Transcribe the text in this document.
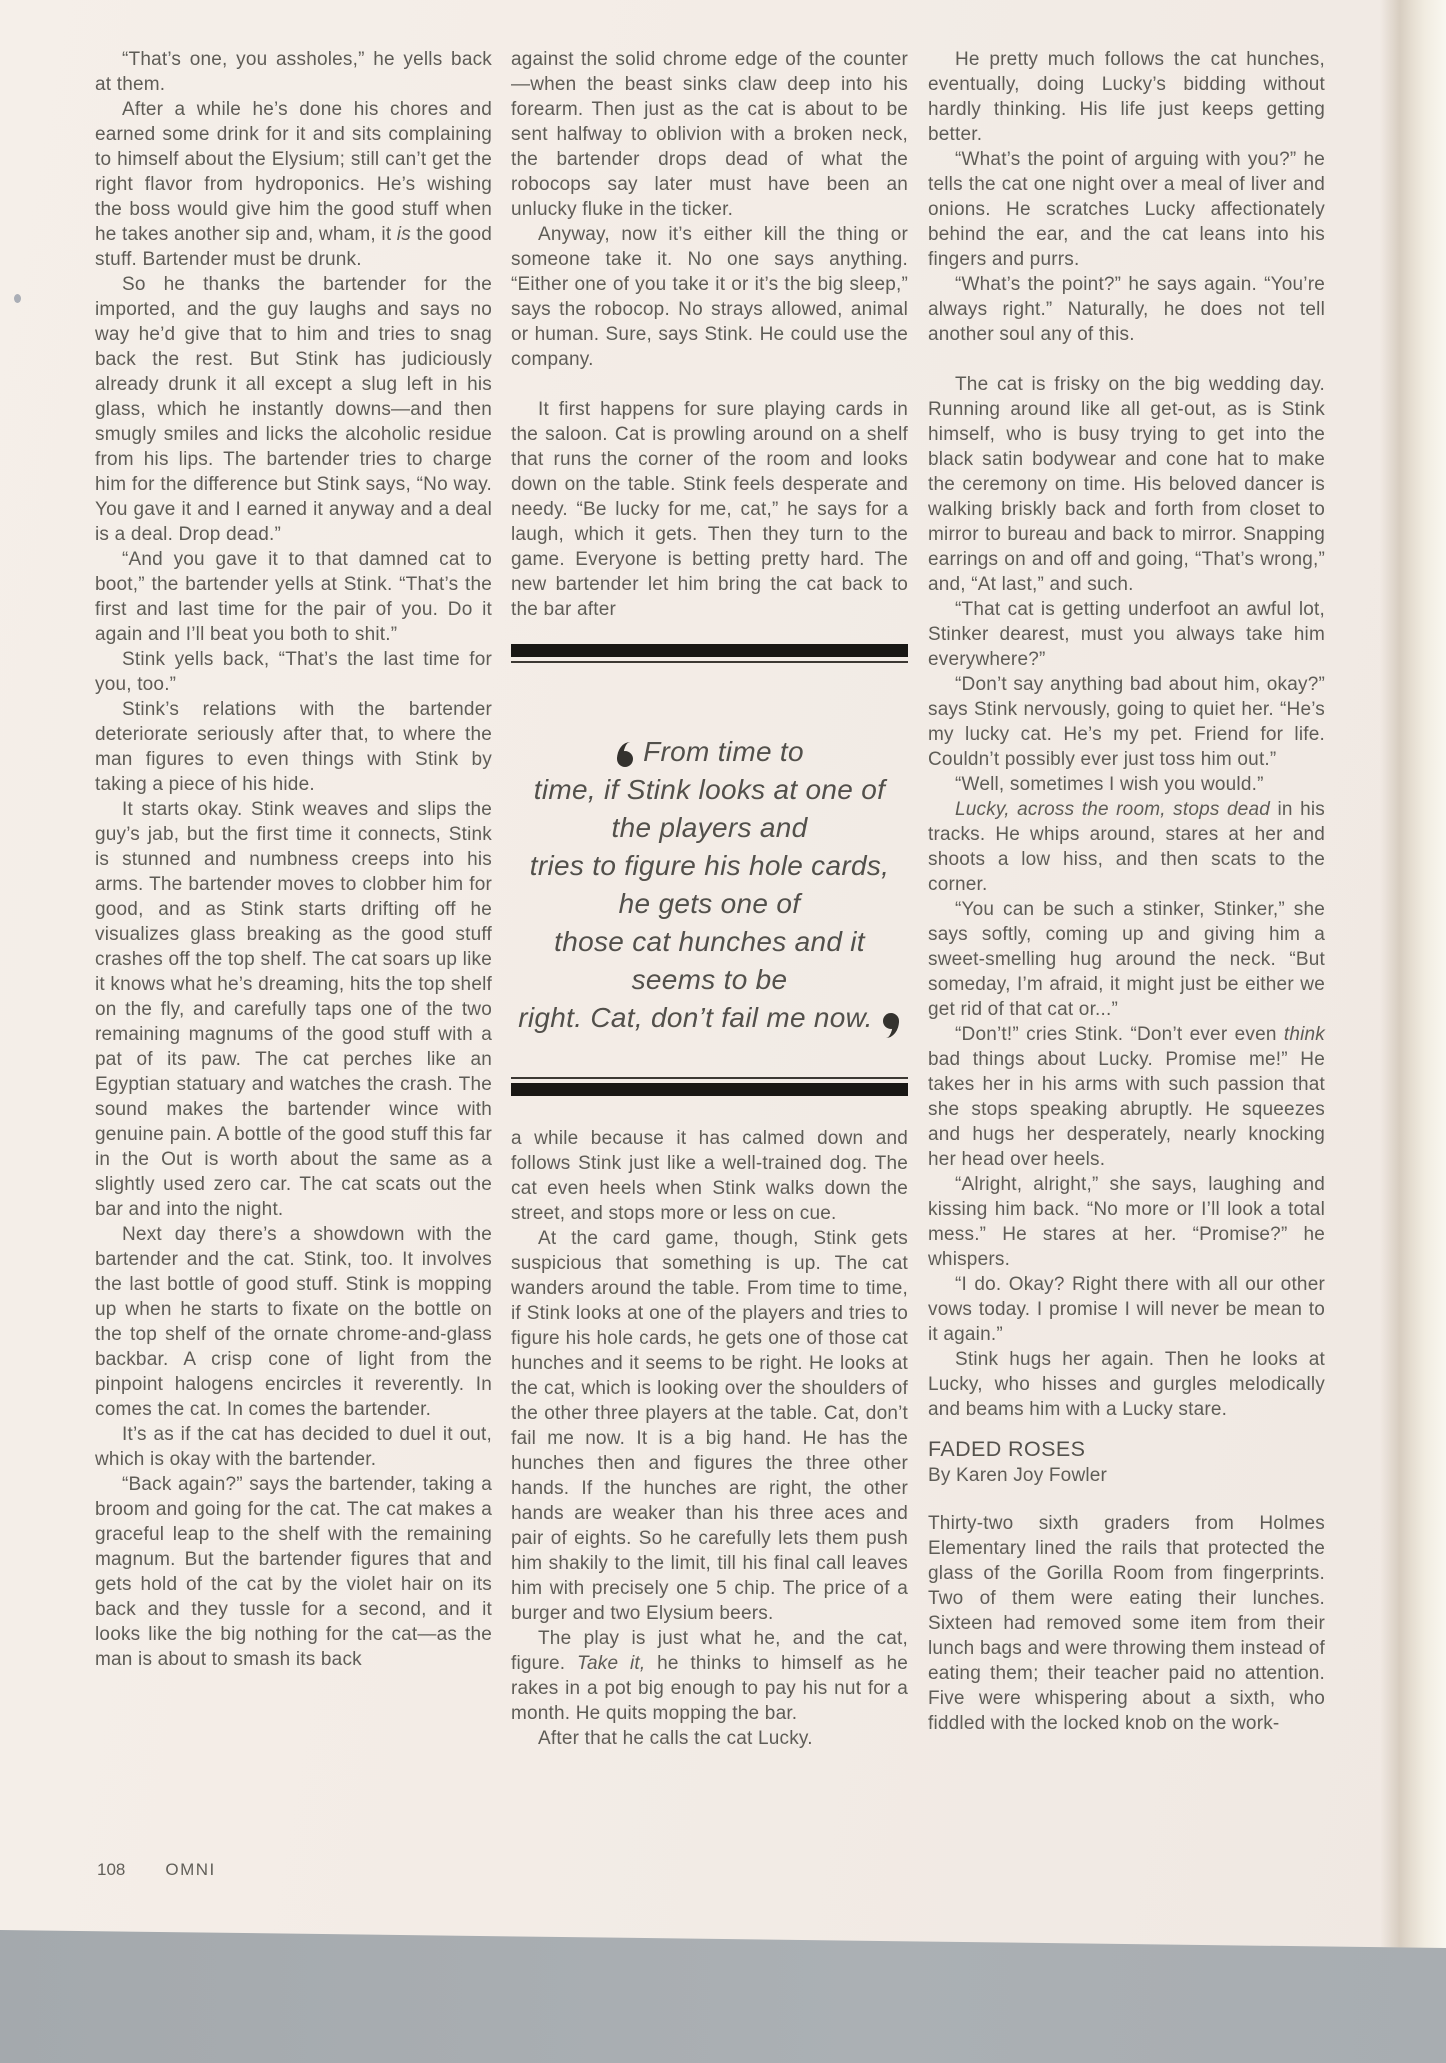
“That’s one, you assholes,” he yells back at them.

After a while he’s done his chores and earned some drink for it and sits complaining to himself about the Elysium; still can’t get the right flavor from hydroponics. He’s wishing the boss would give him the good stuff when he takes another sip and, wham, it is the good stuff. Bartender must be drunk.

So he thanks the bartender for the imported, and the guy laughs and says no way he’d give that to him and tries to snag back the rest. But Stink has judiciously already drunk it all except a slug left in his glass, which he instantly downs—and then smugly smiles and licks the alcoholic residue from his lips. The bartender tries to charge him for the difference but Stink says, “No way. You gave it and I earned it anyway and a deal is a deal. Drop dead.”

“And you gave it to that damned cat to boot,” the bartender yells at Stink. “That’s the first and last time for the pair of you. Do it again and I’ll beat you both to shit.”

Stink yells back, “That’s the last time for you, too.”

Stink’s relations with the bartender deteriorate seriously after that, to where the man figures to even things with Stink by taking a piece of his hide.

It starts okay. Stink weaves and slips the guy’s jab, but the first time it connects, Stink is stunned and numbness creeps into his arms. The bartender moves to clobber him for good, and as Stink starts drifting off he visualizes glass breaking as the good stuff crashes off the top shelf. The cat soars up like it knows what he’s dreaming, hits the top shelf on the fly, and carefully taps one of the two remaining magnums of the good stuff with a pat of its paw. The cat perches like an Egyptian statuary and watches the crash. The sound makes the bartender wince with genuine pain. A bottle of the good stuff this far in the Out is worth about the same as a slightly used zero car. The cat scats out the bar and into the night.

Next day there’s a showdown with the bartender and the cat. Stink, too. It involves the last bottle of good stuff. Stink is mopping up when he starts to fixate on the bottle on the top shelf of the ornate chrome-and-glass backbar. A crisp cone of light from the pinpoint halogens encircles it reverently. In comes the cat. In comes the bartender.

It’s as if the cat has decided to duel it out, which is okay with the bartender.

“Back again?” says the bartender, taking a broom and going for the cat. The cat makes a graceful leap to the shelf with the remaining magnum. But the bartender figures that and gets hold of the cat by the violet hair on its back and they tussle for a second, and it looks like the big nothing for the cat—as the man is about to smash its back

against the solid chrome edge of the counter—when the beast sinks claw deep into his forearm. Then just as the cat is about to be sent halfway to oblivion with a broken neck, the bartender drops dead of what the robocops say later must have been an unlucky fluke in the ticker.

Anyway, now it’s either kill the thing or someone take it. No one says anything. “Either one of you take it or it’s the big sleep,” says the robocop. No strays allowed, animal or human. Sure, says Stink. He could use the company.

It first happens for sure playing cards in the saloon. Cat is prowling around on a shelf that runs the corner of the room and looks down on the table. Stink feels desperate and needy. “Be lucky for me, cat,” he says for a laugh, which it gets. Then they turn to the game. Everyone is betting pretty hard. The new bartender let him bring the cat back to the bar after

From time to
time, if Stink looks at one of
the players and
tries to figure his hole cards,
he gets one of
those cat hunches and it
seems to be
right. Cat, don’t fail me now.

a while because it has calmed down and follows Stink just like a well-trained dog. The cat even heels when Stink walks down the street, and stops more or less on cue.

At the card game, though, Stink gets suspicious that something is up. The cat wanders around the table. From time to time, if Stink looks at one of the players and tries to figure his hole cards, he gets one of those cat hunches and it seems to be right. He looks at the cat, which is looking over the shoulders of the other three players at the table. Cat, don’t fail me now. It is a big hand. He has the hunches then and figures the three other hands. If the hunches are right, the other hands are weaker than his three aces and pair of eights. So he carefully lets them push him shakily to the limit, till his final call leaves him with precisely one 5 chip. The price of a burger and two Elysium beers.

The play is just what he, and the cat, figure. Take it, he thinks to himself as he rakes in a pot big enough to pay his nut for a month. He quits mopping the bar.

After that he calls the cat Lucky.

He pretty much follows the cat hunches, eventually, doing Lucky’s bidding without hardly thinking. His life just keeps getting better.

“What’s the point of arguing with you?” he tells the cat one night over a meal of liver and onions. He scratches Lucky affectionately behind the ear, and the cat leans into his fingers and purrs.

“What’s the point?” he says again. “You’re always right.” Naturally, he does not tell another soul any of this.

The cat is frisky on the big wedding day. Running around like all get-out, as is Stink himself, who is busy trying to get into the black satin bodywear and cone hat to make the ceremony on time. His beloved dancer is walking briskly back and forth from closet to mirror to bureau and back to mirror. Snapping earrings on and off and going, “That’s wrong,” and, “At last,” and such.

“That cat is getting underfoot an awful lot, Stinker dearest, must you always take him everywhere?”

“Don’t say anything bad about him, okay?” says Stink nervously, going to quiet her. “He’s my lucky cat. He’s my pet. Friend for life. Couldn’t possibly ever just toss him out.”

“Well, sometimes I wish you would.”

Lucky, across the room, stops dead in his tracks. He whips around, stares at her and shoots a low hiss, and then scats to the corner.

“You can be such a stinker, Stinker,” she says softly, coming up and giving him a sweet-smelling hug around the neck. “But someday, I’m afraid, it might just be either we get rid of that cat or...”

“Don’t!” cries Stink. “Don’t ever even think bad things about Lucky. Promise me!” He takes her in his arms with such passion that she stops speaking abruptly. He squeezes and hugs her desperately, nearly knocking her head over heels.

“Alright, alright,” she says, laughing and kissing him back. “No more or I’ll look a total mess.” He stares at her. “Promise?” he whispers.

“I do. Okay? Right there with all our other vows today. I promise I will never be mean to it again.”

Stink hugs her again. Then he looks at Lucky, who hisses and gurgles melodically and beams him with a Lucky stare.

FADED ROSES
By Karen Joy Fowler

Thirty-two sixth graders from Holmes Elementary lined the rails that protected the glass of the Gorilla Room from fingerprints. Two of them were eating their lunches. Sixteen had removed some item from their lunch bags and were throwing them instead of eating them; their teacher paid no attention. Five were whispering about a sixth, who fiddled with the locked knob on the work-

108 OMNI
